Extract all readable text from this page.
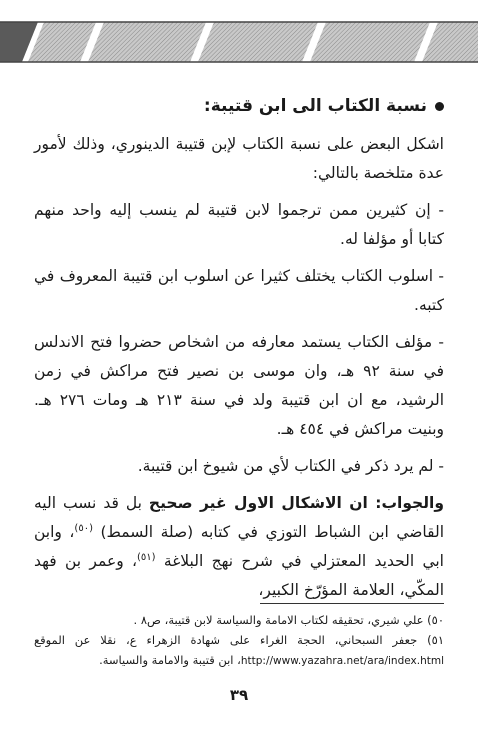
نسبة الكتاب الى ابن قتيبة:

اشكل البعض على نسبة الكتاب لإبن قتيبة الدينوري، وذلك لأمور عدة متلخصة بالتالي:

- إن كثيرين ممن ترجموا لابن قتيبة لم ينسب إليه واحد منهم كتابا أو مؤلفا له.

- اسلوب الكتاب يختلف كثيرا عن اسلوب ابن قتيبة المعروف في كتبه.

- مؤلف الكتاب يستمد معارفه من اشخاص حضروا فتح الاندلس في سنة ٩٢ هـ، وان موسى بن نصير فتح مراكش في زمن الرشيد، مع ان ابن قتيبة ولد في سنة ٢١٣ هـ ومات ٢٧٦ هـ. وبنيت مراكش في ٤٥٤ هـ.

- لم يرد ذكر في الكتاب لأي من شيوخ ابن قتيبة.

والجواب: ان الاشكال الاول غير صحيح بل قد نسب اليه القاضي ابن الشباط التوزي في كتابه (صلة السمط) $^{(٥٠)}$، وابن ابي الحديد المعتزلي في شرح نهج البلاغة $^{(٥١)}$، وعمر بن فهد المكّي، العلامة المؤرّخ الكبير،

٥٠) علي شيري، تحقيقه لكتاب الامامة والسياسة لابن قتيبة، ص٨ .
٥١) جعفر السبحاني، الحجة الغراء على شهادة الزهراء ع، نقلا عن الموقع http://www.yazahra.net/ara/index.html، ابن قتيبة والامامة والسياسة.
٣٩
